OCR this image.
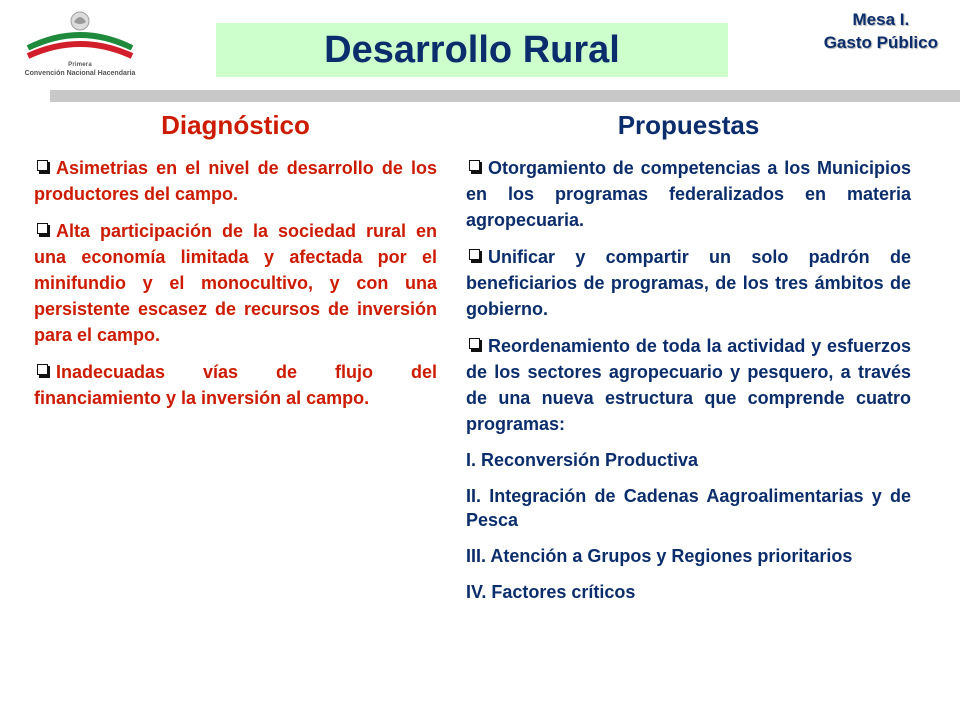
Primera
Convención Nacional Hacendaria
Desarrollo Rural
Mesa I.
Gasto Público
Diagnóstico
Asimetrias en el nivel de desarrollo de los productores del campo.
Alta participación de la sociedad rural en una economía limitada y afectada por el minifundio y el monocultivo, y con una persistente escasez de recursos de inversión para el campo.
Inadecuadas vías de flujo del financiamiento y la inversión al campo.
Propuestas
Otorgamiento de competencias a los Municipios en los programas federalizados en materia agropecuaria.
Unificar y compartir un solo padrón de beneficiarios de programas, de los tres ámbitos de gobierno.
Reordenamiento de toda la actividad y esfuerzos de los sectores agropecuario y pesquero, a través de una nueva estructura que comprende cuatro programas:
I. Reconversión Productiva
II. Integración de Cadenas Aagroalimentarias y de Pesca
III. Atención a Grupos y Regiones prioritarios
IV. Factores críticos
